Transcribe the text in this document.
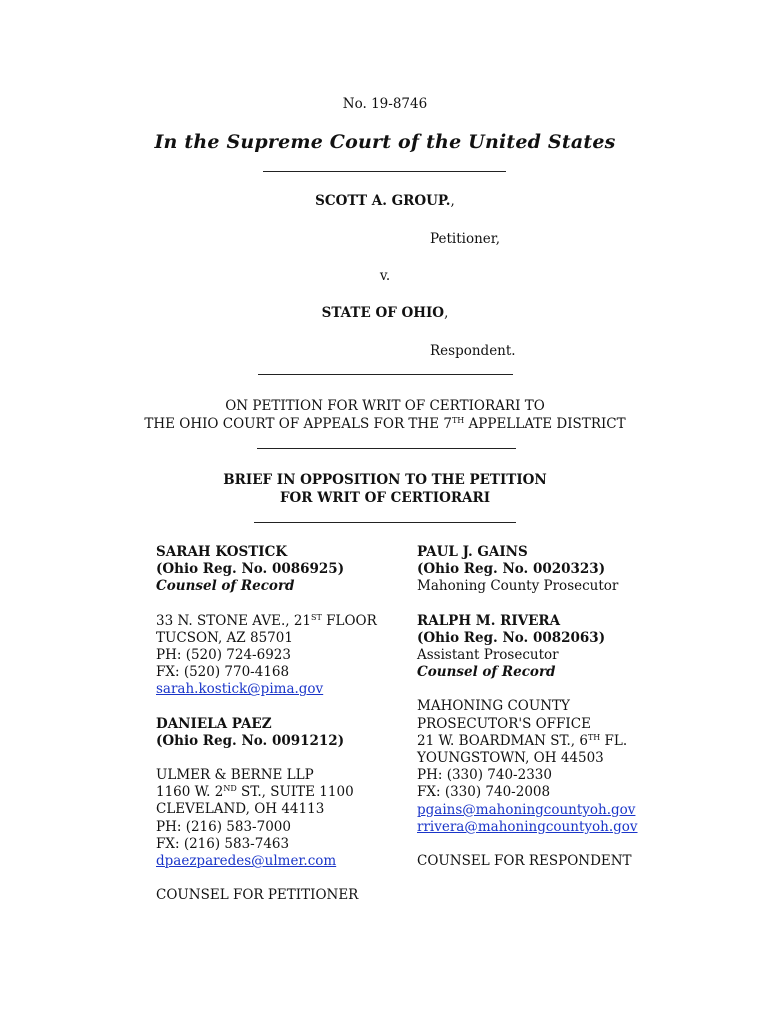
No. 19-8746
In the Supreme Court of the United States
SCOTT A. GROUP.,
Petitioner,
v.
STATE OF OHIO,
Respondent.
ON PETITION FOR WRIT OF CERTIORARI TO
THE OHIO COURT OF APPEALS FOR THE 7TH APPELLATE DISTRICT
BRIEF IN OPPOSITION TO THE PETITION
FOR WRIT OF CERTIORARI
SARAH KOSTICK
(Ohio Reg. No. 0086925)
Counsel of Record
33 N. STONE AVE., 21ST FLOOR
TUCSON, AZ 85701
PH: (520) 724-6923
FX: (520) 770-4168
sarah.kostick@pima.gov
DANIELA PAEZ
(Ohio Reg. No. 0091212)
ULMER & BERNE LLP
1160 W. 2ND ST., SUITE 1100
CLEVELAND, OH 44113
PH: (216) 583-7000
FX: (216) 583-7463
dpaezparedes@ulmer.com
COUNSEL FOR PETITIONER
PAUL J. GAINS
(Ohio Reg. No. 0020323)
Mahoning County Prosecutor
RALPH M. RIVERA
(Ohio Reg. No. 0082063)
Assistant Prosecutor
Counsel of Record
MAHONING COUNTY
PROSECUTOR'S OFFICE
21 W. BOARDMAN ST., 6TH FL.
YOUNGSTOWN, OH 44503
PH: (330) 740-2330
FX: (330) 740-2008
pgains@mahoningcountyoh.gov
rrivera@mahoningcountyoh.gov
COUNSEL FOR RESPONDENT
